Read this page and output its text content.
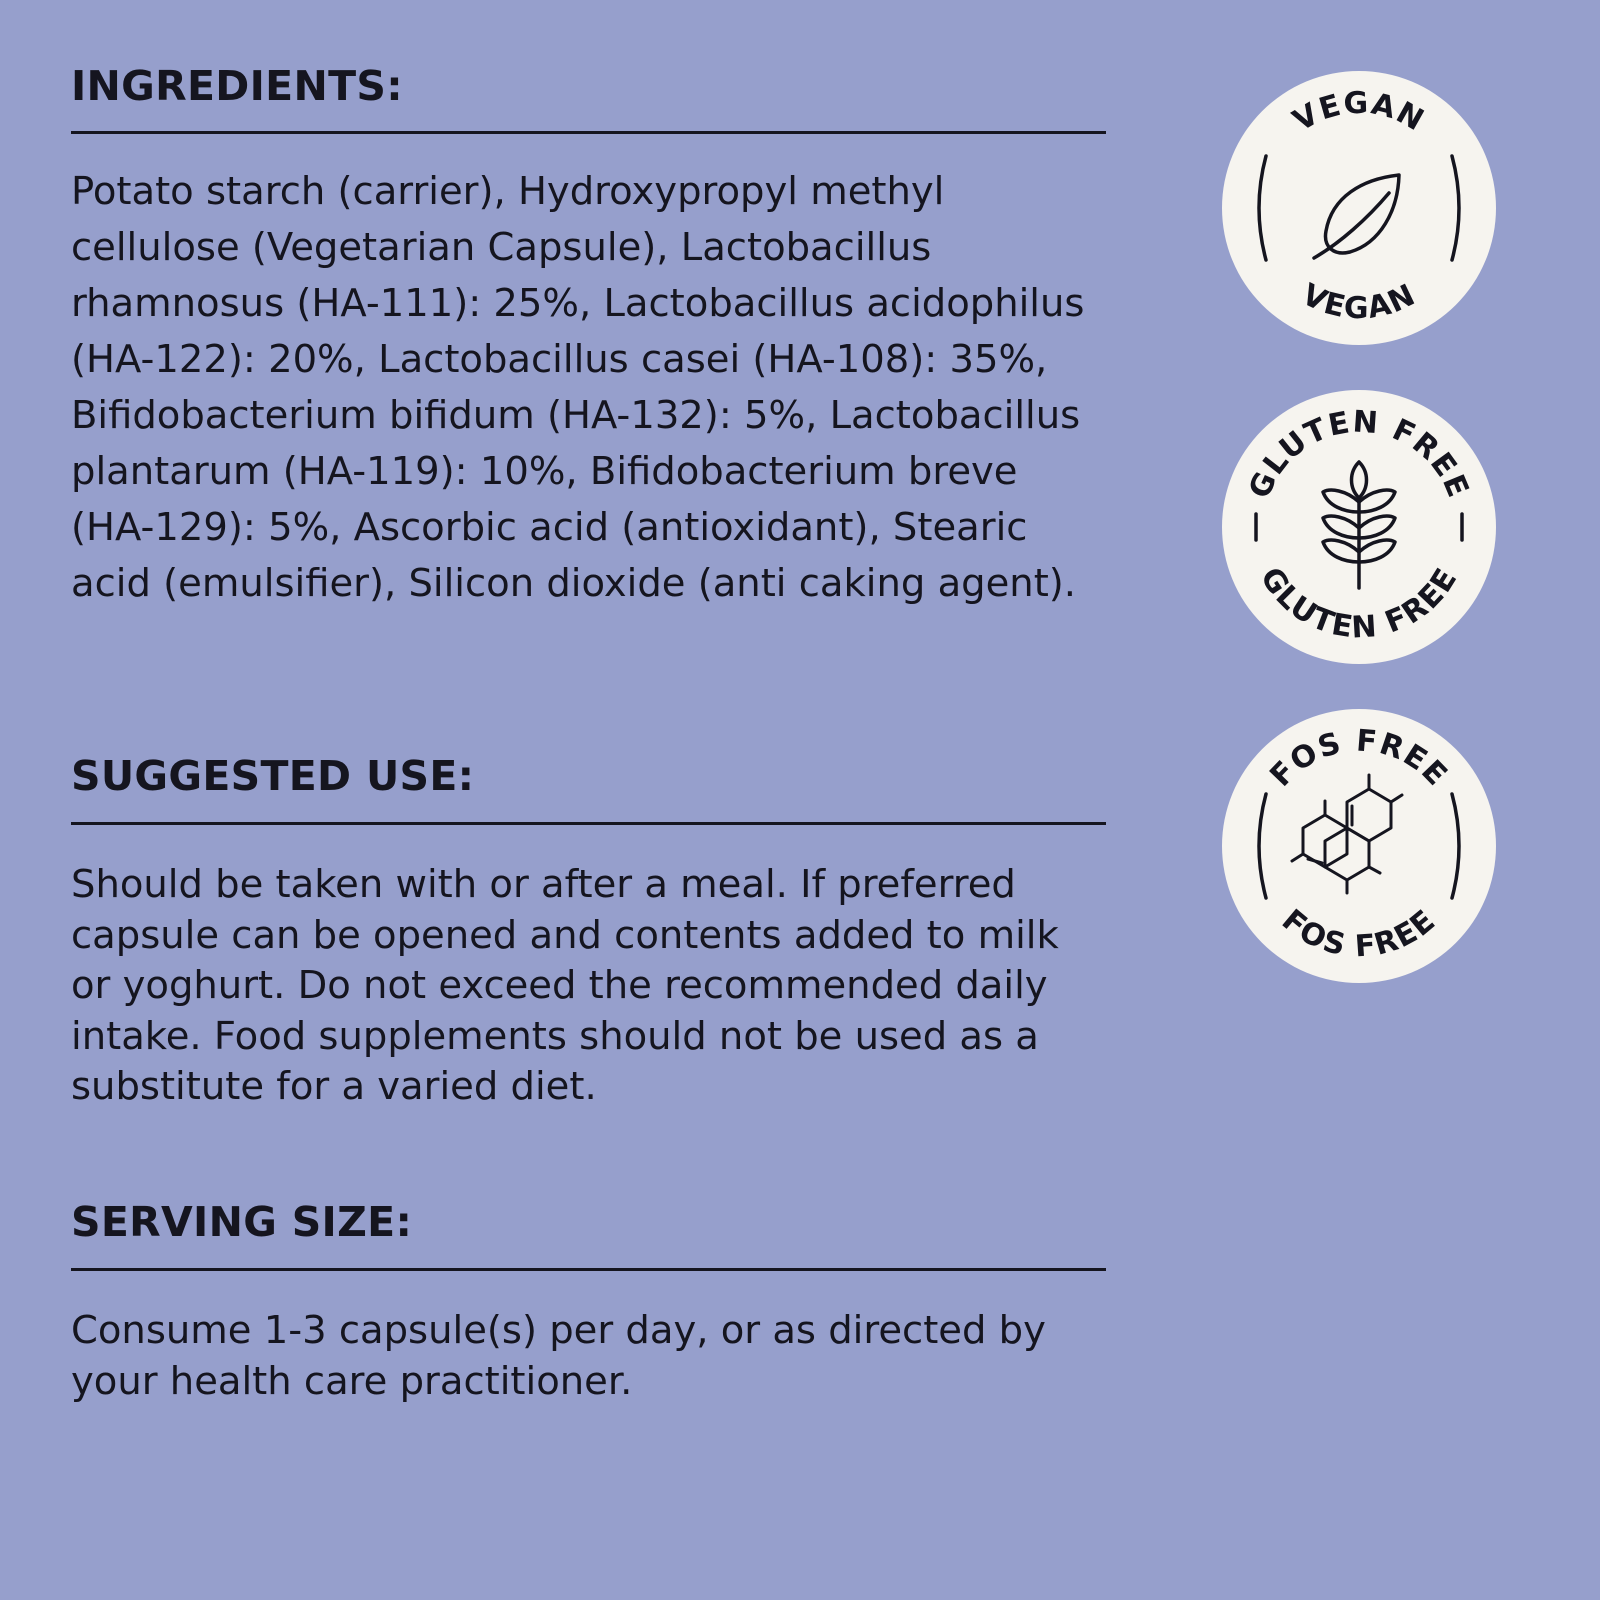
INGREDIENTS:

Potato starch (carrier), Hydroxypropyl methyl cellulose (Vegetarian Capsule), Lactobacillus rhamnosus (HA-111): 25%, Lactobacillus acidophilus (HA-122): 20%, Lactobacillus casei (HA-108): 35%, Bifidobacterium bifidum (HA-132): 5%, Lactobacillus plantarum (HA-119): 10%, Bifidobacterium breve (HA-129): 5%, Ascorbic acid (antioxidant), Stearic acid (emulsifier), Silicon dioxide (anti caking agent).

SUGGESTED USE:

Should be taken with or after a meal. If preferred capsule can be opened and contents added to milk or yoghurt. Do not exceed the recommended daily intake. Food supplements should not be used as a substitute for a varied diet.

SERVING SIZE:

Consume 1-3 capsule(s) per day, or as directed by your health care practitioner.

VEGAN
VEGAN
GLUTEN FREE
GLUTEN FREE
FOS FREE
FOS FREE
